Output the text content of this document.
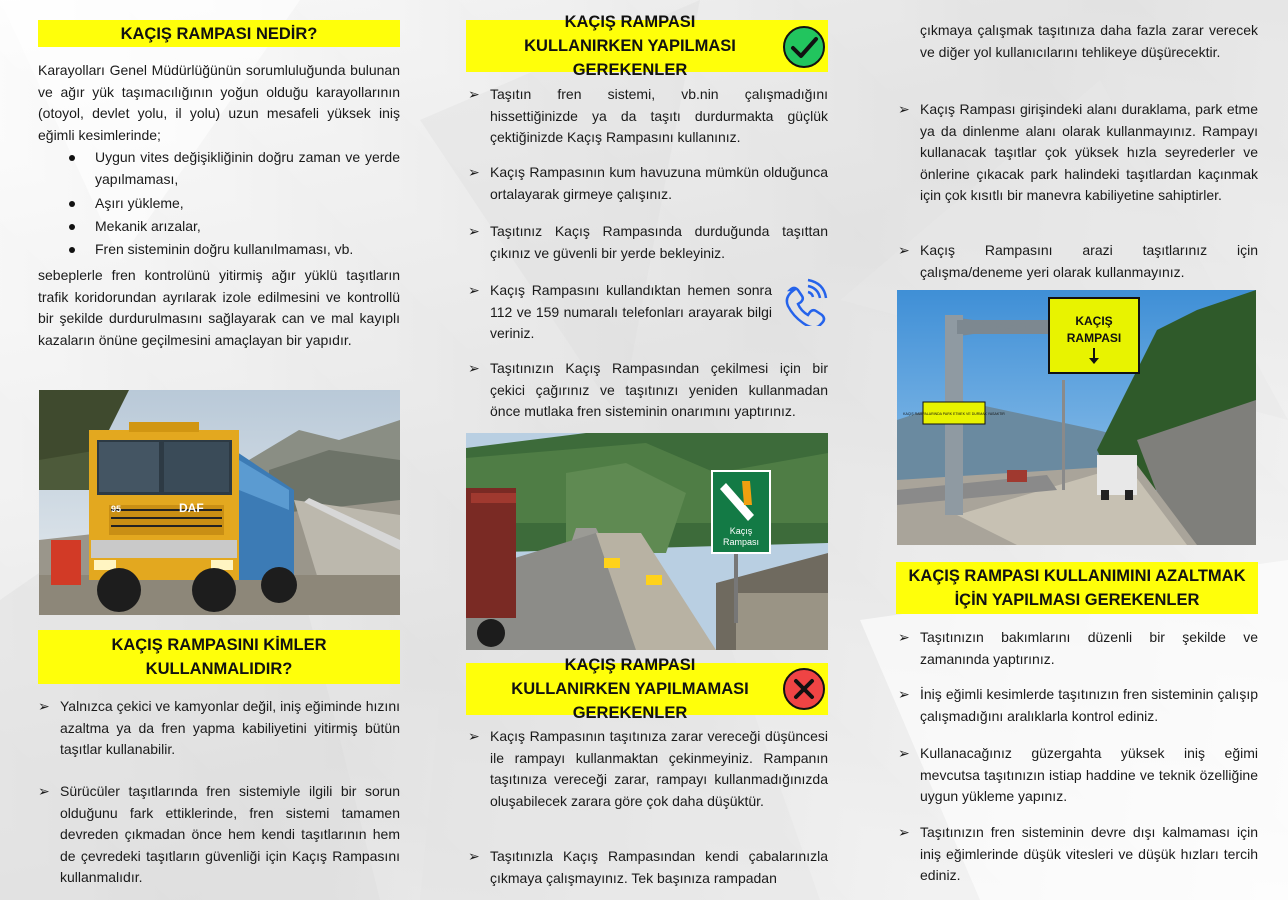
KAÇIŞ RAMPASI NEDİR?
Karayolları Genel Müdürlüğünün sorumluluğunda bulunan ve ağır yük taşımacılığının yoğun olduğu karayollarının (otoyol, devlet yolu, il yolu) uzun mesafeli yüksek iniş eğimli kesimlerinde;
Uygun vites değişikliğinin doğru zaman ve yerde yapılmaması,
Aşırı yükleme,
Mekanik arızalar,
Fren sisteminin doğru kullanılmaması, vb.
sebeplerle fren kontrolünü yitirmiş ağır yüklü taşıtların trafik koridorundan ayrılarak izole edilmesini ve kontrollü bir şekilde durdurulmasını sağlayarak can ve mal kayıplı kazaların önüne geçilmesini amaçlayan bir yapıdır.
DAF
95
KAÇIŞ RAMPASINI KİMLER KULLANMALIDIR?
➢ Yalnızca çekici ve kamyonlar değil, iniş eğiminde hızını azaltma ya da fren yapma kabiliyetini yitirmiş bütün taşıtlar kullanabilir.
➢ Sürücüler taşıtlarında fren sistemiyle ilgili bir sorun olduğunu fark ettiklerinde, fren sistemi tamamen devreden çıkmadan önce hem kendi taşıtlarının hem de çevredeki taşıtların güvenliği için Kaçış Rampasını kullanmalıdır.
KAÇIŞ RAMPASI KULLANIRKEN YAPILMASI GEREKENLER
➢ Taşıtın fren sistemi, vb.nin çalışmadığını hissettiğinizde ya da taşıtı durdurmakta güçlük çektiğinizde Kaçış Rampasını kullanınız.
➢ Kaçış Rampasının kum havuzuna mümkün olduğunca ortalayarak girmeye çalışınız.
➢ Taşıtınız Kaçış Rampasında durduğunda taşıttan çıkınız ve güvenli bir yerde bekleyiniz.
➢ Kaçış Rampasını kullandıktan hemen sonra 112 ve 159 numaralı telefonları arayarak bilgi veriniz.
➢ Taşıtınızın Kaçış Rampasından çekilmesi için bir çekici çağırınız ve taşıtınızı yeniden kullanmadan önce mutlaka fren sisteminin onarımını yaptırınız.
Kaçış
Rampası
KAÇIŞ RAMPASI KULLANIRKEN YAPILMAMASI GEREKENLER
➢ Kaçış Rampasının taşıtınıza zarar vereceği düşüncesi ile rampayı kullanmaktan çekinmeyiniz. Rampanın taşıtınıza vereceği zarar, rampayı kullanmadığınızda oluşabilecek zarara göre çok daha düşüktür.
➢ Taşıtınızla Kaçış Rampasından kendi çabalarınızla çıkmaya çalışmayınız. Tek başınıza rampadan
çıkmaya çalışmak taşıtınıza daha fazla zarar verecek ve diğer yol kullanıcılarını tehlikeye düşürecektir.
➢ Kaçış Rampası girişindeki alanı duraklama, park etme ya da dinlenme alanı olarak kullanmayınız. Rampayı kullanacak taşıtlar çok yüksek hızla seyrederler ve önlerine çıkacak park halindeki taşıtlardan kaçınmak için çok kısıtlı bir manevra kabiliyetine sahiptirler.
➢ Kaçış Rampasını arazi taşıtlarınız için çalışma/deneme yeri olarak kullanmayınız.
KAÇIŞ
RAMPASI
KAÇIŞ RAMPALARINDA PARK ETMEK VE DURMAK YASAKTIR
KAÇIŞ RAMPASI KULLANIMINI AZALTMAK İÇİN YAPILMASI GEREKENLER
➢ Taşıtınızın bakımlarını düzenli bir şekilde ve zamanında yaptırınız.
➢ İniş eğimli kesimlerde taşıtınızın fren sisteminin çalışıp çalışmadığını aralıklarla kontrol ediniz.
➢ Kullanacağınız güzergahta yüksek iniş eğimi mevcutsa taşıtınızın istiap haddine ve teknik özelliğine uygun yükleme yapınız.
➢ Taşıtınızın fren sisteminin devre dışı kalmaması için iniş eğimlerinde düşük vitesleri ve düşük hızları tercih ediniz.
